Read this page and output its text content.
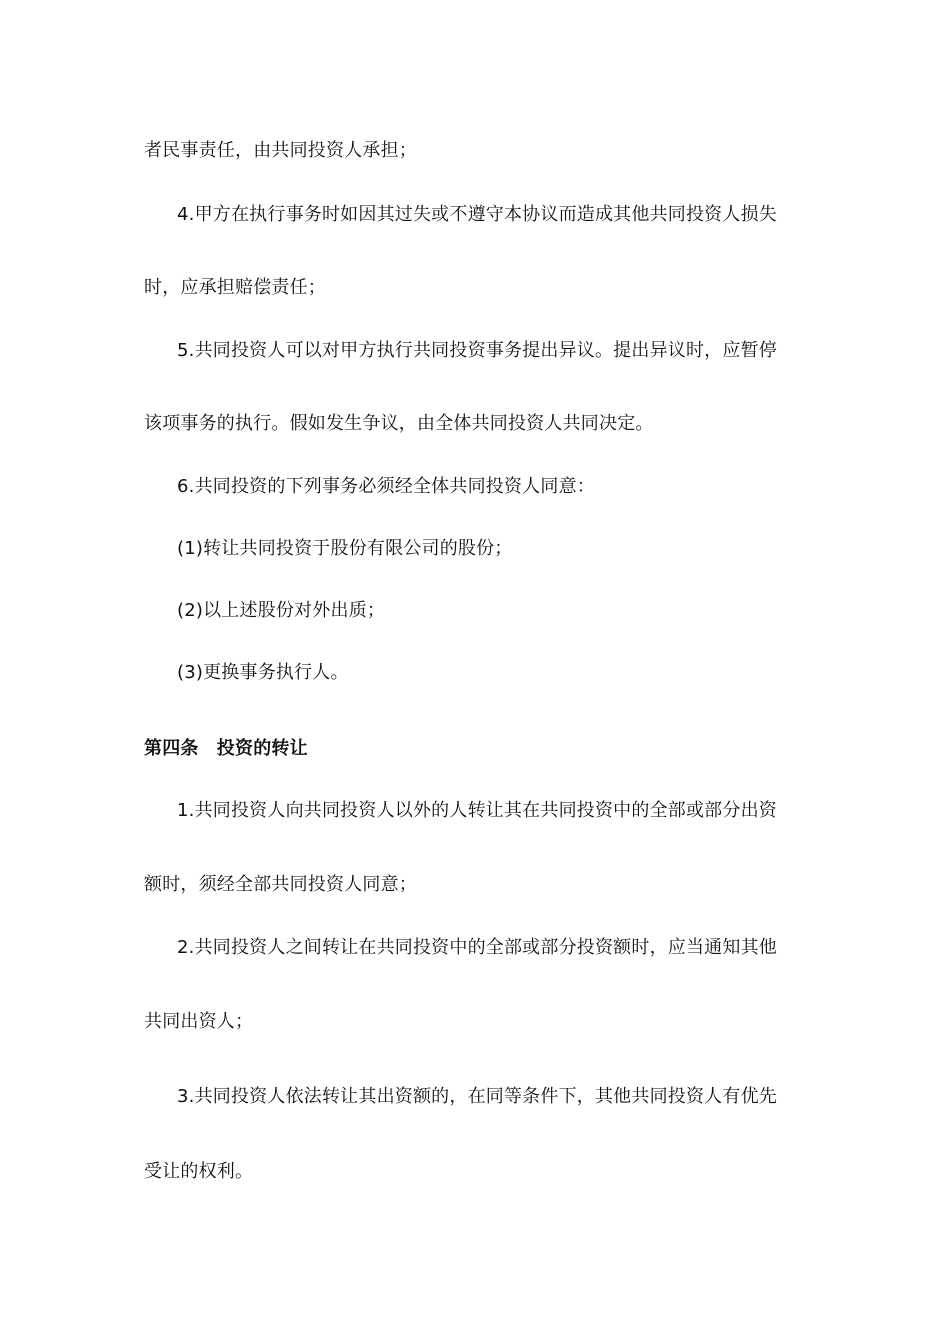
者民事责任，由共同投资人承担；
4.甲方在执行事务时如因其过失或不遵守本协议而造成其他共同投资人损失
时，应承担赔偿责任；
5.共同投资人可以对甲方执行共同投资事务提出异议。提出异议时，应暂停
该项事务的执行。假如发生争议，由全体共同投资人共同决定。
6.共同投资的下列事务必须经全体共同投资人同意：
(1)转让共同投资于股份有限公司的股份；
(2)以上述股份对外出质；
(3)更换事务执行人。
第四条　投资的转让
1.共同投资人向共同投资人以外的人转让其在共同投资中的全部或部分出资
额时，须经全部共同投资人同意；
2.共同投资人之间转让在共同投资中的全部或部分投资额时，应当通知其他
共同出资人；
3.共同投资人依法转让其出资额的，在同等条件下，其他共同投资人有优先
受让的权利。
